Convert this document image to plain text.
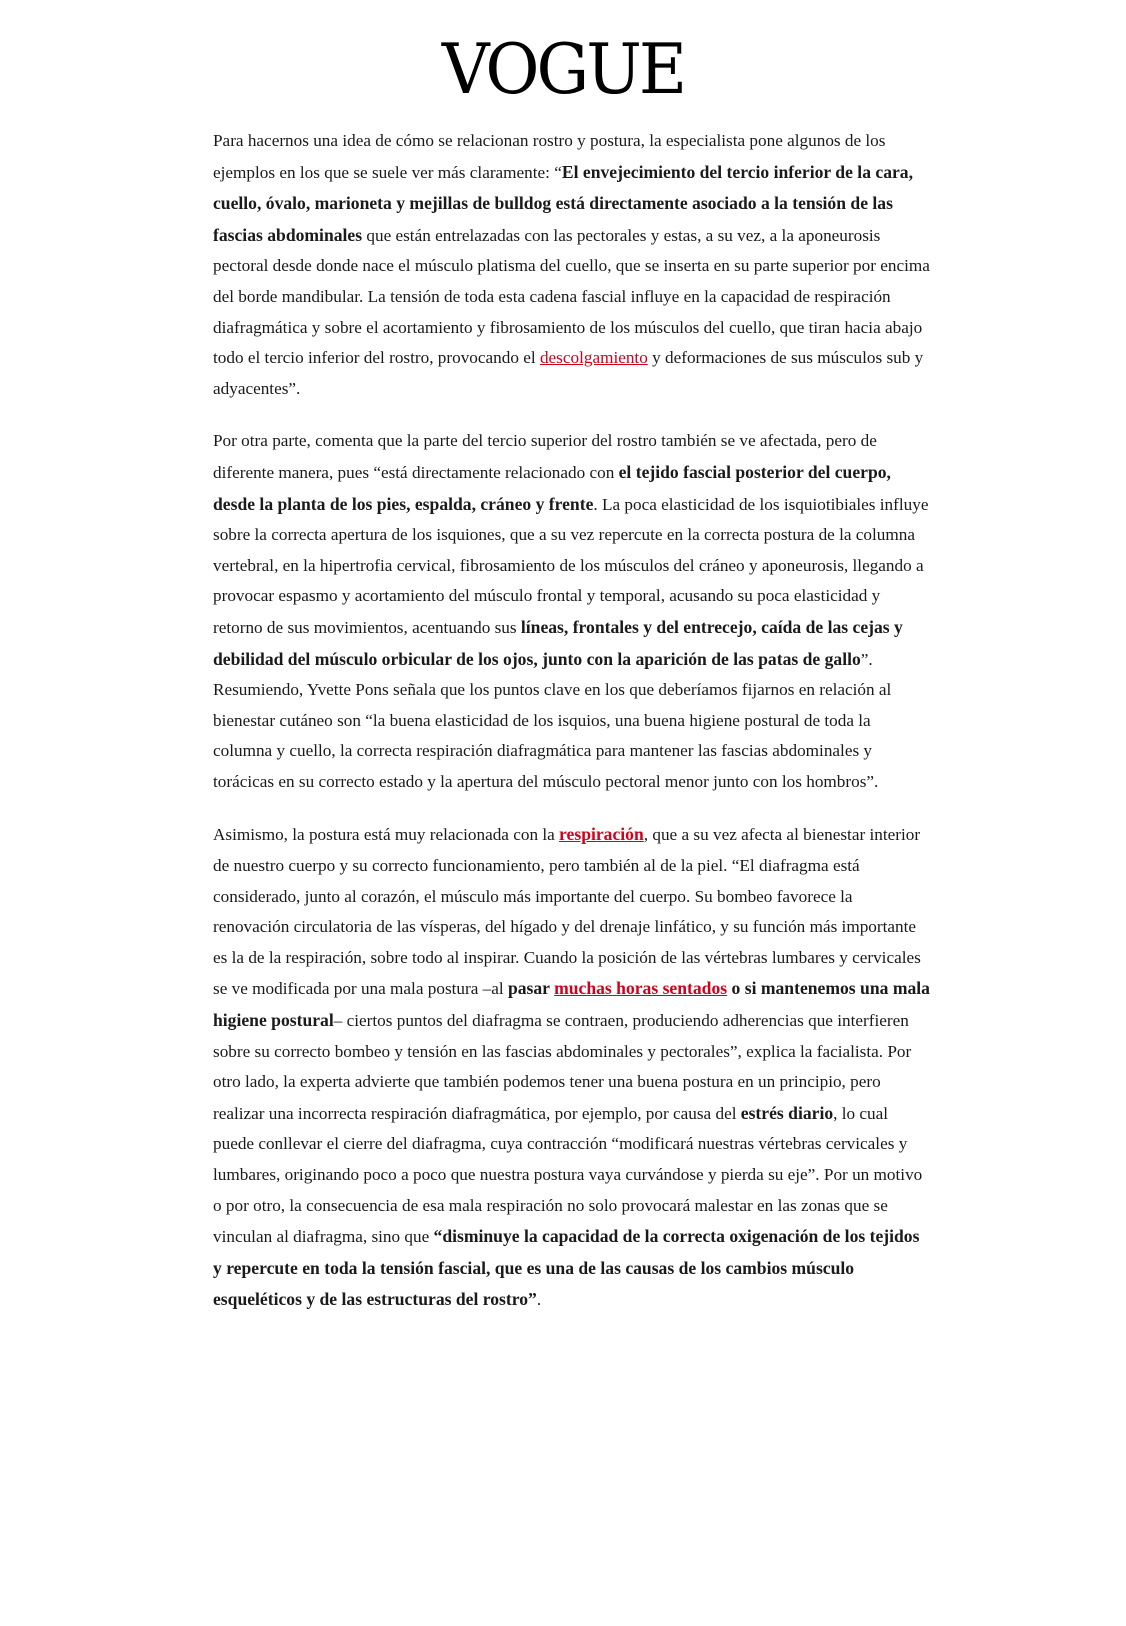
VOGUE

Para hacernos una idea de cómo se relacionan rostro y postura, la especialista pone algunos de los ejemplos en los que se suele ver más claramente: “El envejecimiento del tercio inferior de la cara, cuello, óvalo, marioneta y mejillas de bulldog está directamente asociado a la tensión de las fascias abdominales que están entrelazadas con las pectorales y estas, a su vez, a la aponeurosis pectoral desde donde nace el músculo platisma del cuello, que se inserta en su parte superior por encima del borde mandibular. La tensión de toda esta cadena fascial influye en la capacidad de respiración diafragmática y sobre el acortamiento y fibrosamiento de los músculos del cuello, que tiran hacia abajo todo el tercio inferior del rostro, provocando el descolgamiento y deformaciones de sus músculos sub y adyacentes”.

Por otra parte, comenta que la parte del tercio superior del rostro también se ve afectada, pero de diferente manera, pues “está directamente relacionado con el tejido fascial posterior del cuerpo, desde la planta de los pies, espalda, cráneo y frente. La poca elasticidad de los isquiotibiales influye sobre la correcta apertura de los isquiones, que a su vez repercute en la correcta postura de la columna vertebral, en la hipertrofia cervical, fibrosamiento de los músculos del cráneo y aponeurosis, llegando a provocar espasmo y acortamiento del músculo frontal y temporal, acusando su poca elasticidad y retorno de sus movimientos, acentuando sus líneas, frontales y del entrecejo, caída de las cejas y debilidad del músculo orbicular de los ojos, junto con la aparición de las patas de gallo”. Resumiendo, Yvette Pons señala que los puntos clave en los que deberíamos fijarnos en relación al bienestar cutáneo son “la buena elasticidad de los isquios, una buena higiene postural de toda la columna y cuello, la correcta respiración diafragmática para mantener las fascias abdominales y torácicas en su correcto estado y la apertura del músculo pectoral menor junto con los hombros”.

Asimismo, la postura está muy relacionada con la respiración, que a su vez afecta al bienestar interior de nuestro cuerpo y su correcto funcionamiento, pero también al de la piel. “El diafragma está considerado, junto al corazón, el músculo más importante del cuerpo. Su bombeo favorece la renovación circulatoria de las vísperas, del hígado y del drenaje linfático, y su función más importante es la de la respiración, sobre todo al inspirar. Cuando la posición de las vértebras lumbares y cervicales se ve modificada por una mala postura –al pasar muchas horas sentados o si mantenemos una mala higiene postural– ciertos puntos del diafragma se contraen, produciendo adherencias que interfieren sobre su correcto bombeo y tensión en las fascias abdominales y pectorales”, explica la facialista. Por otro lado, la experta advierte que también podemos tener una buena postura en un principio, pero realizar una incorrecta respiración diafragmática, por ejemplo, por causa del estrés diario, lo cual puede conllevar el cierre del diafragma, cuya contracción “modificará nuestras vértebras cervicales y lumbares, originando poco a poco que nuestra postura vaya curvándose y pierda su eje”. Por un motivo o por otro, la consecuencia de esa mala respiración no solo provocará malestar en las zonas que se vinculan al diafragma, sino que “disminuye la capacidad de la correcta oxigenación de los tejidos y repercute en toda la tensión fascial, que es una de las causas de los cambios músculo esqueléticos y de las estructuras del rostro”.
